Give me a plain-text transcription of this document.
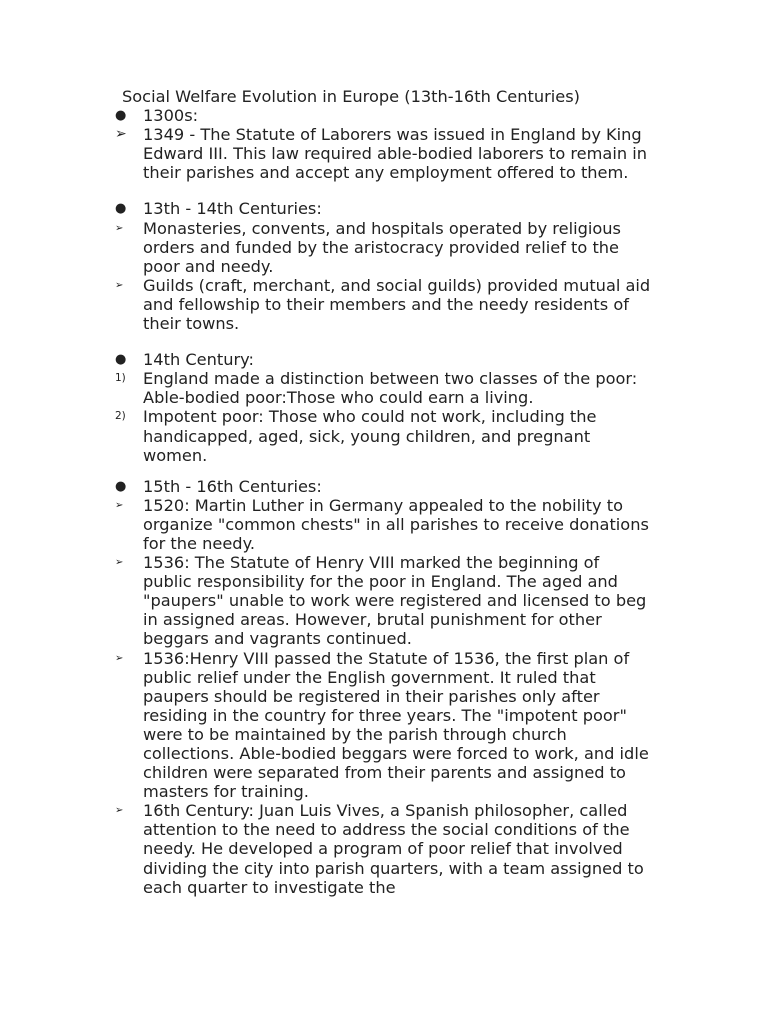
Social Welfare Evolution in Europe (13th-16th Centuries)
●	1300s:
➢	1349 - The Statute of Laborers was issued in England by King Edward III. This law required able-bodied laborers to remain in their parishes and accept any employment offered to them.
●	13th - 14th Centuries:
➢	Monasteries, convents, and hospitals operated by religious orders and funded by the aristocracy provided relief to the poor and needy.
➢	Guilds (craft, merchant, and social guilds) provided mutual aid and fellowship to their members and the needy residents of their towns.
●	14th Century:
1)	England made a distinction between two classes of the poor:	Able-bodied poor:Those who could earn a living.
2)	Impotent poor: Those who could not work, including the handicapped, aged, sick, young children, and pregnant women.
●	15th - 16th Centuries:
➢	1520: Martin Luther in Germany appealed to the nobility to organize "common chests" in all parishes to receive donations for the needy.
➢	1536: The Statute of Henry VIII marked the beginning of public responsibility for the poor in England. The aged and "paupers" unable to work were registered and licensed to beg in assigned areas. However, brutal punishment for other beggars and vagrants continued.
➢	1536:Henry VIII passed the Statute of 1536, the first plan of public relief under the English government. It ruled that paupers should be registered in their parishes only after residing in the country for three years. The "impotent poor" were to be maintained by the parish through church collections. Able-bodied beggars were forced to work, and idle children were separated from their parents and assigned to masters for training.
➢	16th Century: Juan Luis Vives, a Spanish philosopher, called attention to the need to address the social conditions of the needy. He developed a program of poor relief that involved dividing the city into parish quarters, with a team assigned to each quarter to investigate the
